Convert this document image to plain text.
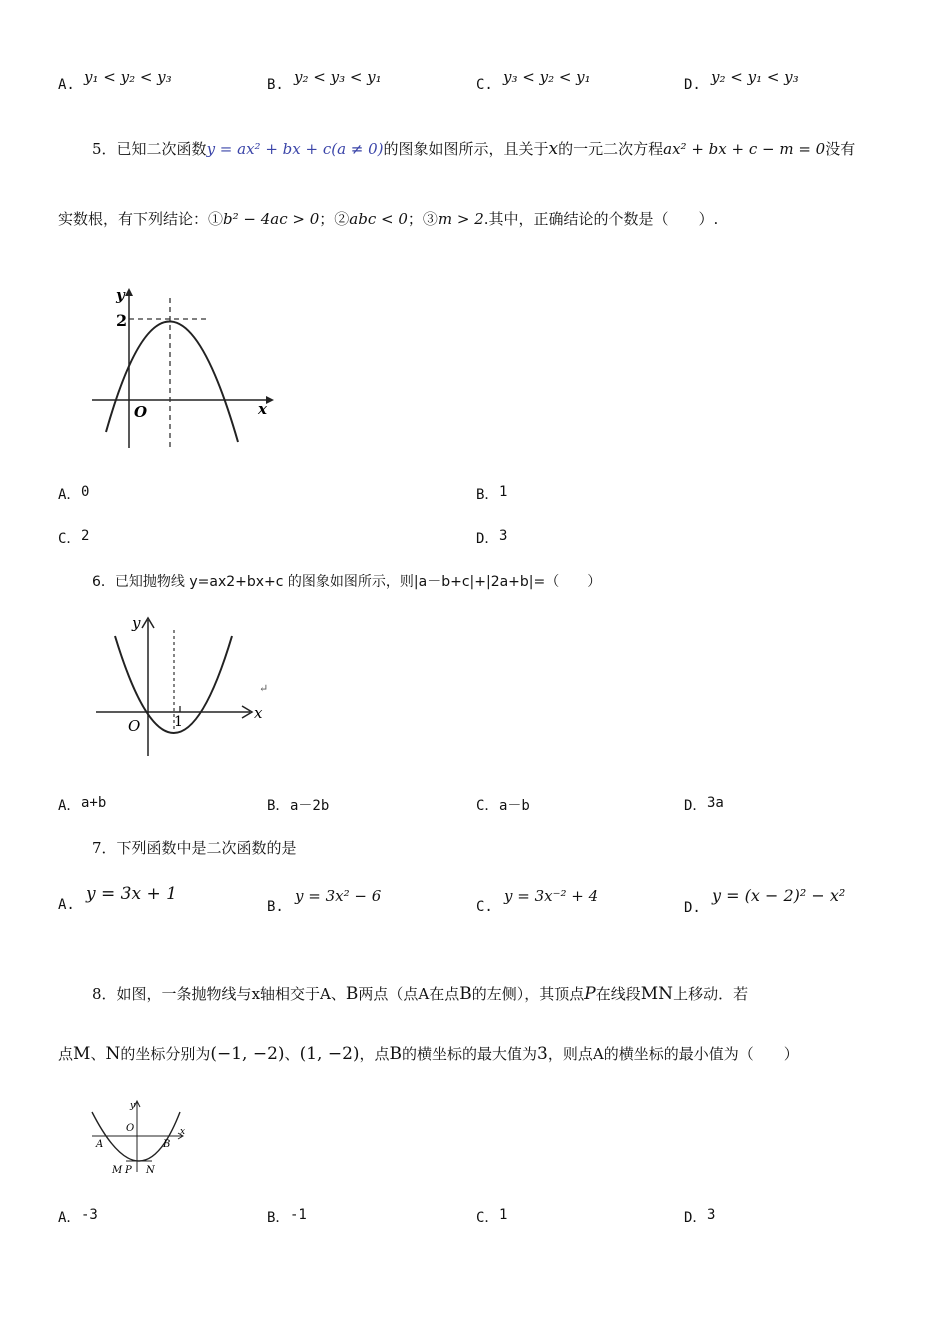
A. y₁ < y₂ < y₃	B. y₂ < y₃ < y₁	C. y₃ < y₂ < y₁	D. y₂ < y₁ < y₃
5．已知二次函数y = ax² + bx + c(a ≠ 0)的图象如图所示，且关于x的一元二次方程ax² + bx + c − m = 0没有
实数根，有下列结论：①b² − 4ac > 0；②abc < 0；③m > 2.其中，正确结论的个数是（　　）.
y
2
O	x
A． 0	B． 1
C． 2	D． 3
6．已知抛物线 y=ax2+bx+c 的图象如图所示，则|a－b+c|+|2a+b|=（　　）
y
O 1	x
↵
A． a+b	B． a－2b	C． a－b	D． 3a
7．下列函数中是二次函数的是
A.
y = 3x + 1
B.
y = 3x² − 6
C.
y = 3x⁻² + 4
D.
y = (x − 2)² − x²
8．如图，一条抛物线与x轴相交于A、B两点（点A在点B的左侧），其顶点P在线段MN上移动．若
点M、N的坐标分别为(−1, −2)、(1, −2)，点B的横坐标的最大值为3，则点A的横坐标的最小值为（　　）
y
O	x
A	B
M P N
A． -3	B． -1	C． 1	D． 3
